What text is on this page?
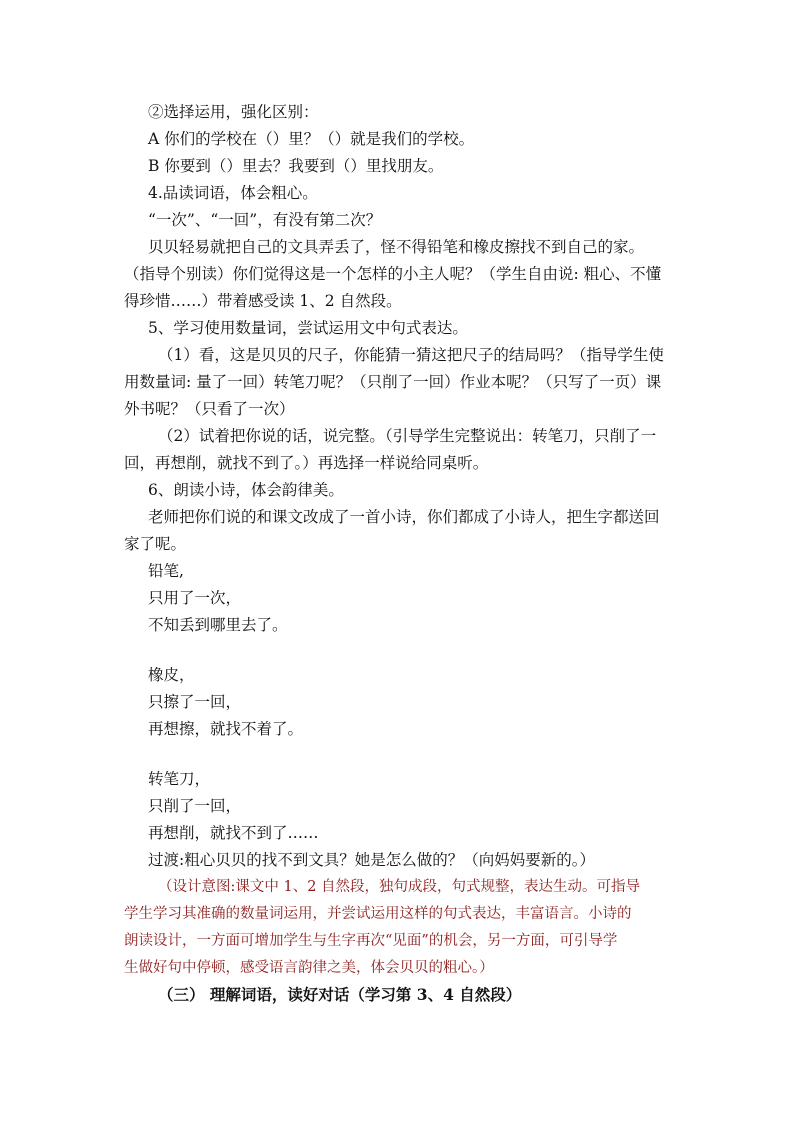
②选择运用，强化区别：
A 你们的学校在（）里？（）就是我们的学校。
B 你要到（）里去？我要到（）里找朋友。
4.品读词语，体会粗心。
“一次”、“一回”，有没有第二次？
贝贝轻易就把自己的文具弄丢了，怪不得铅笔和橡皮擦找不到自己的家。
（指导个别读）你们觉得这是一个怎样的小主人呢？（学生自由说: 粗心、不懂
得珍惜……）带着感受读 1、2 自然段。
5、学习使用数量词，尝试运用文中句式表达。
（1）看，这是贝贝的尺子，你能猜一猜这把尺子的结局吗？（指导学生使
用数量词: 量了一回）转笔刀呢？（只削了一回）作业本呢？（只写了一页）课
外书呢？（只看了一次）
（2）试着把你说的话，说完整。（引导学生完整说出：转笔刀，只削了一
回，再想削，就找不到了。）再选择一样说给同桌听。
6、朗读小诗，体会韵律美。
老师把你们说的和课文改成了一首小诗，你们都成了小诗人，把生字都送回
家了呢。
铅笔,
只用了一次，
不知丢到哪里去了。
橡皮，
只擦了一回，
再想擦，就找不着了。
转笔刀，
只削了一回，
再想削，就找不到了……
过渡:粗心贝贝的找不到文具？她是怎么做的？（向妈妈要新的。）
（设计意图:课文中 1、2 自然段，独句成段，句式规整，表达生动。可指导
学生学习其准确的数量词运用，并尝试运用这样的句式表达，丰富语言。小诗的
朗读设计，一方面可增加学生与生字再次“见面”的机会，另一方面，可引导学
生做好句中停顿，感受语言韵律之美，体会贝贝的粗心。）
（三） 理解词语，读好对话（学习第 3、4 自然段）
